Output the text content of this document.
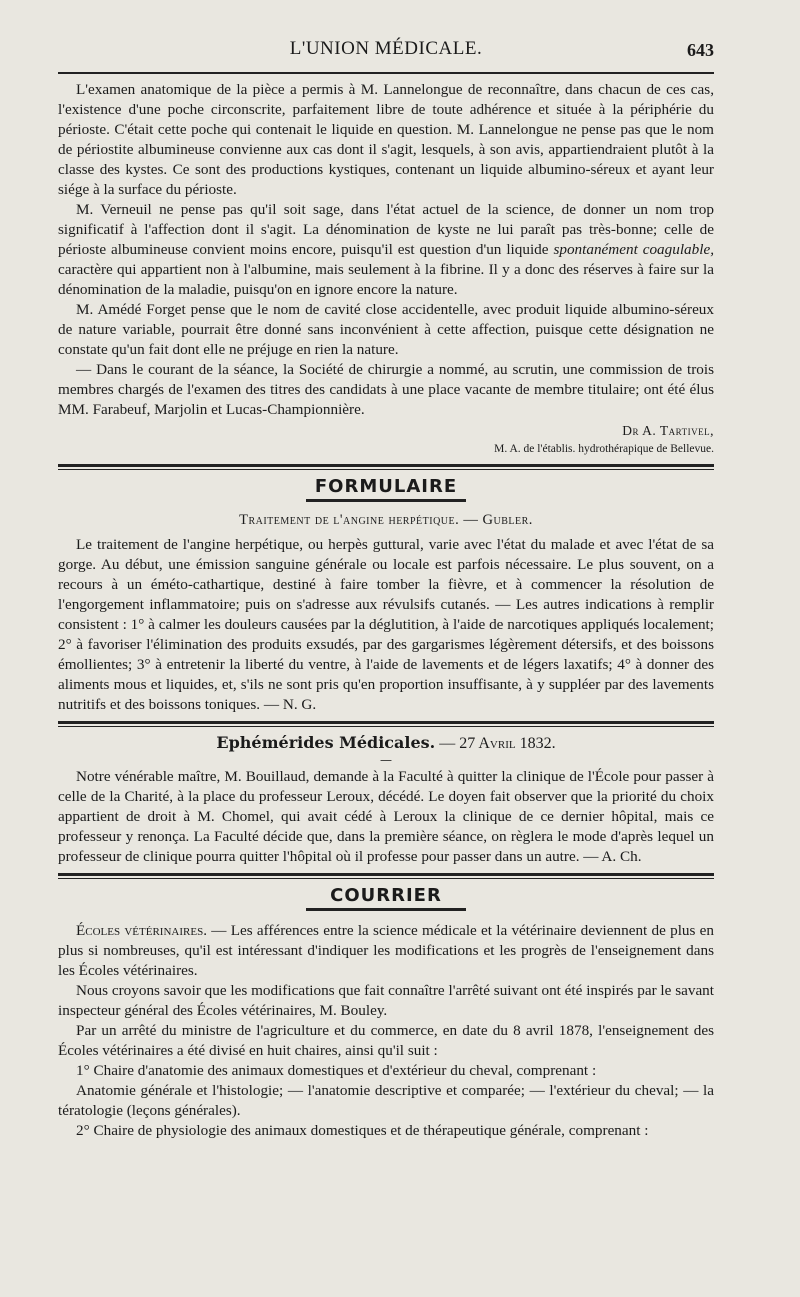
L'UNION MÉDICALE.	643

L'examen anatomique de la pièce a permis à M. Lannelongue de reconnaître, dans chacun de ces cas, l'existence d'une poche circonscrite, parfaitement libre de toute adhérence et située à la périphérie du périoste. C'était cette poche qui contenait le liquide en question. M. Lannelongue ne pense pas que le nom de périostite albumineuse convienne aux cas dont il s'agit, lesquels, à son avis, appartiendraient plutôt à la classe des kystes. Ce sont des productions kystiques, contenant un liquide albumino-séreux et ayant leur siége à la surface du périoste.

M. Verneuil ne pense pas qu'il soit sage, dans l'état actuel de la science, de donner un nom trop significatif à l'affection dont il s'agit. La dénomination de kyste ne lui paraît pas très-bonne; celle de périoste albumineuse convient moins encore, puisqu'il est question d'un liquide spontanément coagulable, caractère qui appartient non à l'albumine, mais seulement à la fibrine. Il y a donc des réserves à faire sur la dénomination de la maladie, puisqu'on en ignore encore la nature.

M. Amédé Forget pense que le nom de cavité close accidentelle, avec produit liquide albumino-séreux de nature variable, pourrait être donné sans inconvénient à cette affection, puisque cette désignation ne constate qu'un fait dont elle ne préjuge en rien la nature.

— Dans le courant de la séance, la Société de chirurgie a nommé, au scrutin, une commission de trois membres chargés de l'examen des titres des candidats à une place vacante de membre titulaire; ont été élus MM. Farabeuf, Marjolin et Lucas-Championnière.

Dr A. Tartivel,
M. A. de l'établis. hydrothérapique de Bellevue.
FORMULAIRE
Traitement de l'angine herpétique. — Gubler.

Le traitement de l'angine herpétique, ou herpès guttural, varie avec l'état du malade et avec l'état de sa gorge. Au début, une émission sanguine générale ou locale est parfois nécessaire. Le plus souvent, on a recours à un éméto-cathartique, destiné à faire tomber la fièvre, et à commencer la résolution de l'engorgement inflammatoire; puis on s'adresse aux révulsifs cutanés. — Les autres indications à remplir consistent : 1° à calmer les douleurs causées par la déglutition, à l'aide de narcotiques appliqués localement; 2° à favoriser l'élimination des produits exsudés, par des gargarismes légèrement détersifs, et des boissons émollientes; 3° à entretenir la liberté du ventre, à l'aide de lavements et de légers laxatifs; 4° à donner des aliments mous et liquides, et, s'ils ne sont pris qu'en proportion insuffisante, à y suppléer par des lavements nutritifs et des boissons toniques. — N. G.

Ephémérides Médicales. — 27 Avril 1832.
—

Notre vénérable maître, M. Bouillaud, demande à la Faculté à quitter la clinique de l'École pour passer à celle de la Charité, à la place du professeur Leroux, décédé. Le doyen fait observer que la priorité du choix appartient de droit à M. Chomel, qui avait cédé à Leroux la clinique de ce dernier hôpital, mais ce professeur y renonça. La Faculté décide que, dans la première séance, on règlera le mode d'après lequel un professeur de clinique pourra quitter l'hôpital où il professe pour passer dans un autre. — A. Ch.

COURRIER

Écoles vétérinaires. — Les afférences entre la science médicale et la vétérinaire deviennent de plus en plus si nombreuses, qu'il est intéressant d'indiquer les modifications et les progrès de l'enseignement dans les Écoles vétérinaires.

Nous croyons savoir que les modifications que fait connaître l'arrêté suivant ont été inspirés par le savant inspecteur général des Écoles vétérinaires, M. Bouley.

Par un arrêté du ministre de l'agriculture et du commerce, en date du 8 avril 1878, l'enseignement des Écoles vétérinaires a été divisé en huit chaires, ainsi qu'il suit :

1° Chaire d'anatomie des animaux domestiques et d'extérieur du cheval, comprenant :

Anatomie générale et l'histologie; — l'anatomie descriptive et comparée; — l'extérieur du cheval; — la tératologie (leçons générales).

2° Chaire de physiologie des animaux domestiques et de thérapeutique générale, comprenant :
